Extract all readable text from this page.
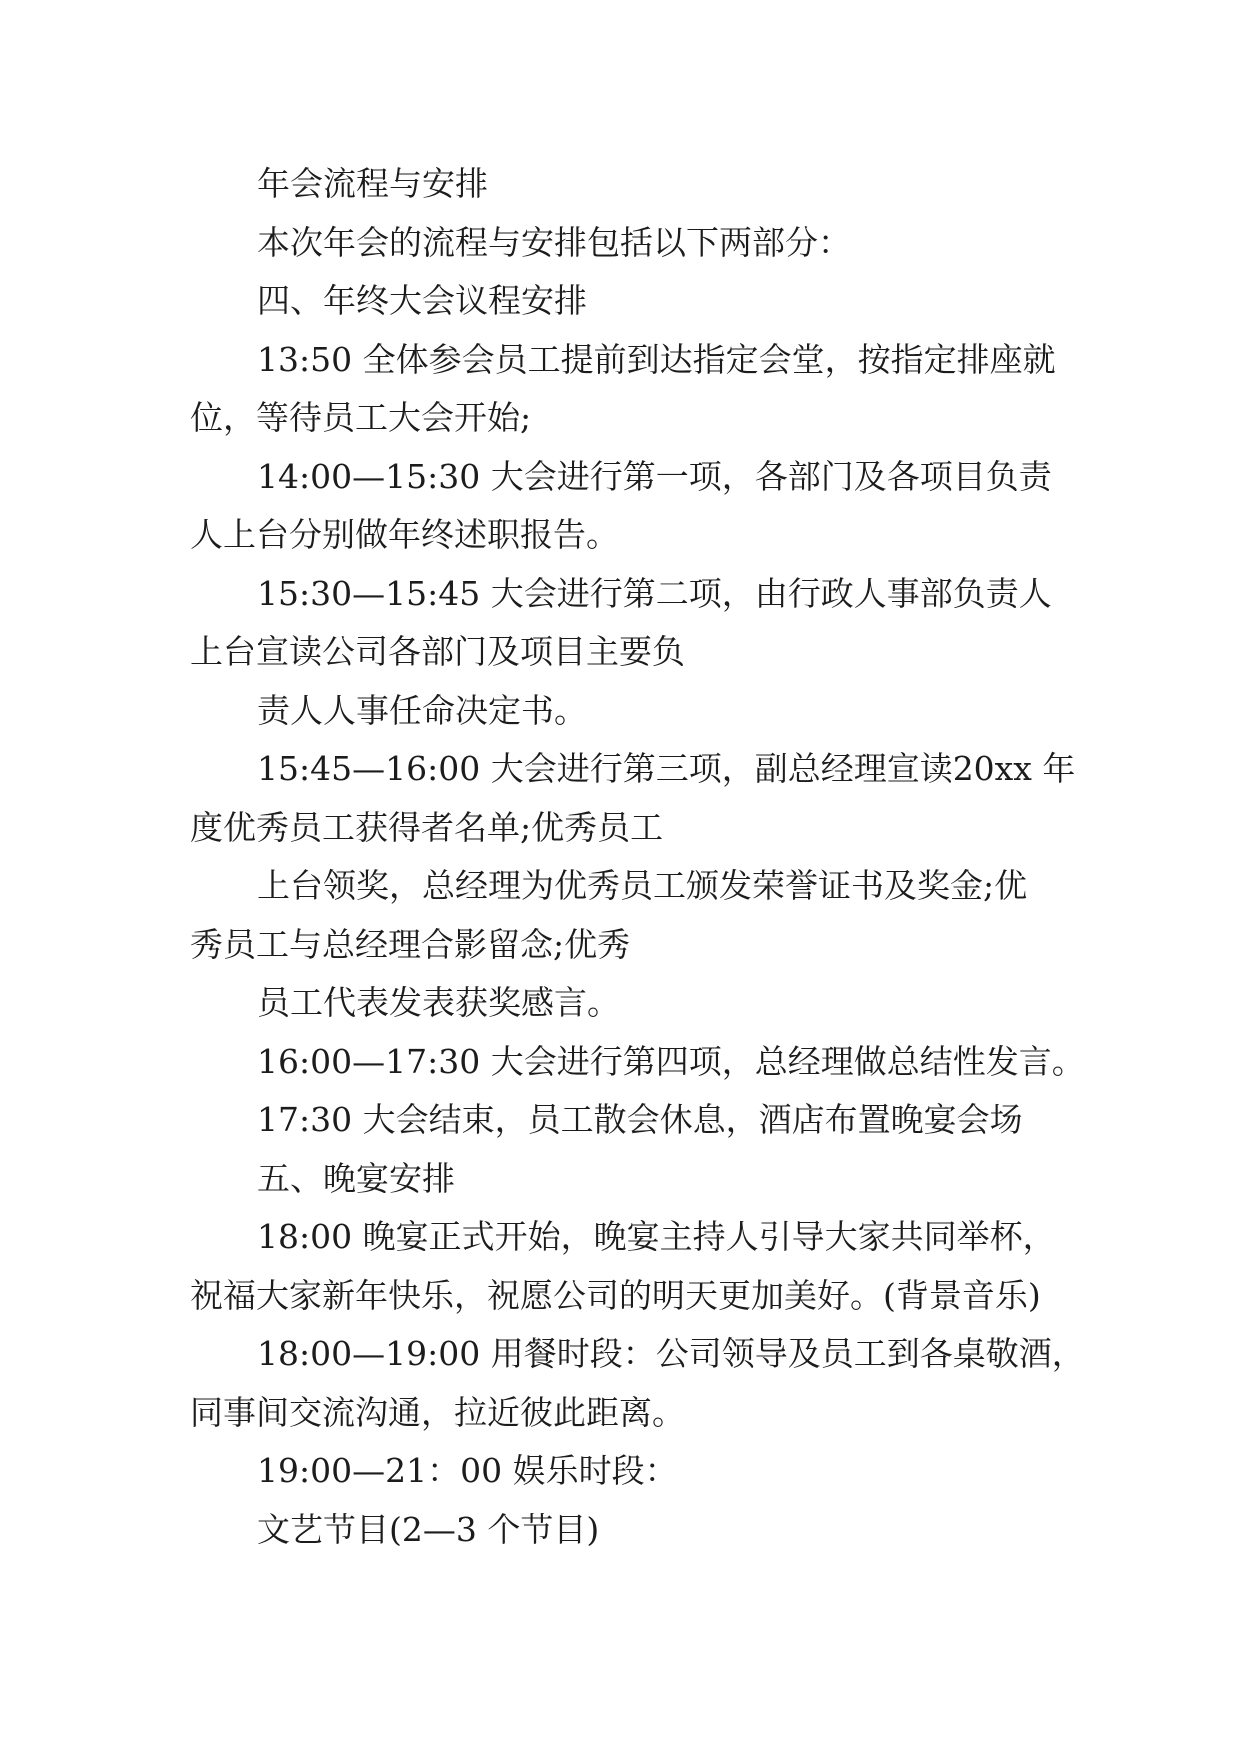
年会流程与安排
本次年会的流程与安排包括以下两部分：
四、年终大会议程安排
13:50 全体参会员工提前到达指定会堂，按指定排座就
位，等待员工大会开始;
14:00—15:30 大会进行第一项，各部门及各项目负责
人上台分别做年终述职报告。
15:30—15:45 大会进行第二项，由行政人事部负责人
上台宣读公司各部门及项目主要负
责人人事任命决定书。
15:45—16:00 大会进行第三项，副总经理宣读20xx 年
度优秀员工获得者名单;优秀员工
上台领奖，总经理为优秀员工颁发荣誉证书及奖金;优
秀员工与总经理合影留念;优秀
员工代表发表获奖感言。
16:00—17:30 大会进行第四项，总经理做总结性发言。
17:30 大会结束，员工散会休息，酒店布置晚宴会场
五、晚宴安排
18:00 晚宴正式开始，晚宴主持人引导大家共同举杯，
祝福大家新年快乐，祝愿公司的明天更加美好。(背景音乐)
18:00—19:00 用餐时段：公司领导及员工到各桌敬酒，
同事间交流沟通，拉近彼此距离。
19:00—21：00 娱乐时段：
文艺节目(2—3 个节目)
